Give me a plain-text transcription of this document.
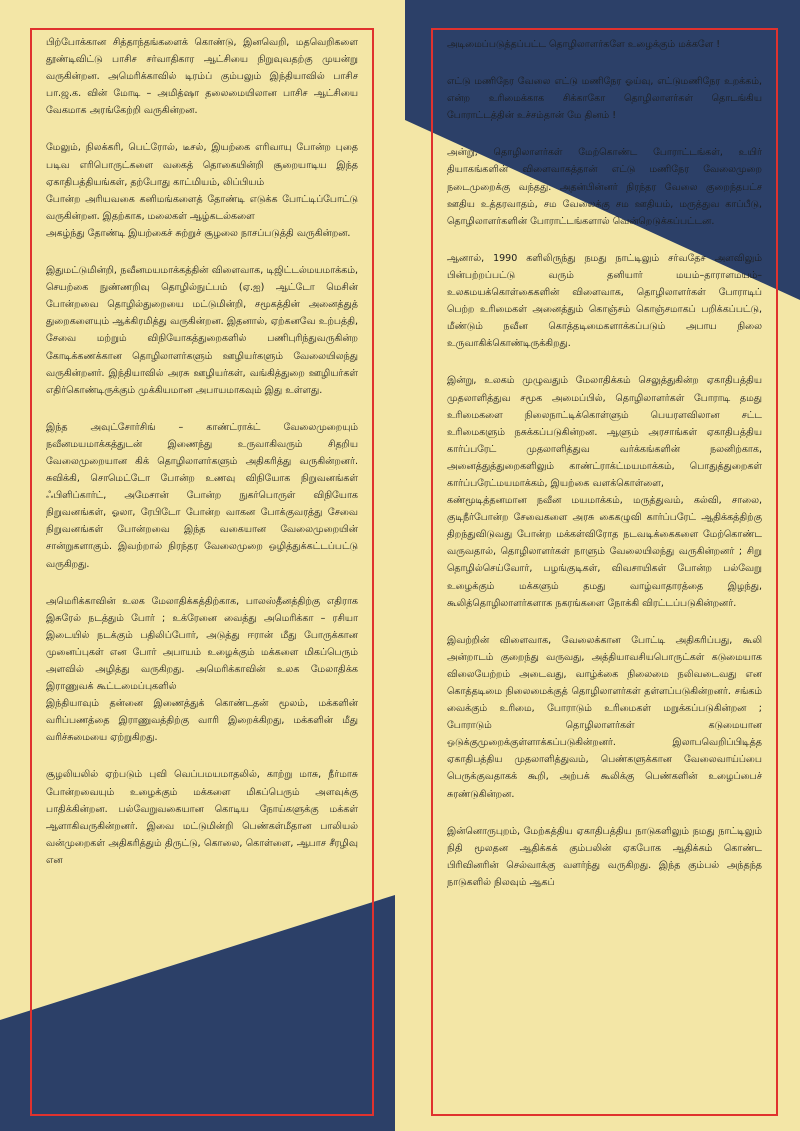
பிற்போக்கான சித்தாந்தங்களைக் கொண்டு, இனவெறி, மதவெறிகளை தூண்டிவிட்டு பாசிச சர்வாதிகார ஆட்சியை நிறுவுவதற்கு முயன்று வருகின்றன. அமெரிக்காவில் டிரம்ப் கும்பலும் இந்தியாவில் பாசிச பா.ஜ.க. வின் மோடி – அமித்ஷா தலைமையிலான பாசிச ஆட்சியை வேகமாக அரங்கேற்றி வருகின்றன.

மேலும், நிலக்கரி, பெட்ரோல், டீசல், இயற்கை எரிவாயு போன்ற புதை படிவ எரிபொருட்களை வகைத் தொகையின்றி சூறையாடிய இந்த ஏகாதிபத்தியங்கள், தற்போது காட்மியம், லிப்பியம்
போன்ற அரியவகை கனிமங்களைத் தோண்டி எடுக்க போட்டிப்போட்டு வருகின்றன. இதற்காக, மலைகள் ஆழ்கடல்களை
அகழ்ந்து தோண்டி இயற்கைச் சுற்றுச் சூழலை நாசப்படுத்தி வருகின்றன.

இதுமட்டுமின்றி, நவீனமயமாக்கத்தின் விளைவாக, டிஜிட்டல்மயமாக்கம், செயற்கை நுண்ணறிவு தொழில்நுட்பம் (ஏ.ஐ) ஆட்டோ மெசின் போன்றவை தொழில்துறையை மட்டுமின்றி, சமூகத்தின் அனைத்துத் துறைகளையும் ஆக்கிரமித்து வருகின்றன. இதனால், ஏற்கனவே உற்பத்தி, சேவை மற்றும் விநியோகத்துறைகளில் பணிபுரிந்துவருகின்ற கோடிக்கணக்கான தொழிலாளர்களும் ஊழியர்களும் வேலையிலந்து வருகின்றனர். இந்தியாவில் அரசு ஊழியர்கள், வங்கித்துறை ஊழியர்கள் எதிர்கொண்டிருக்கும் முக்கியமான அபாயமாகவும் இது உள்ளது.

இந்த அவுட்சோர்சிங் – காண்ட்ராக்ட் வேலைமுறையும் நவீனமயமாக்கத்துடன் இணைந்து உருவாகிவரும் சிதறிய வேலைமுறையான கிக் தொழிலாளர்களும் அதிகரித்து வருகின்றனர். சுவிக்கி, சொமெட்டோ போன்ற உணவு விநியோக நிறுவனங்கள் ஃபிளிப்கார்ட், அமேசான் போன்ற நுகர்பொருள் விநியோக நிறுவனங்கள், ஓலா, ரேபிடோ போன்ற வாகன போக்குவரத்து சேவை நிறுவனங்கள் போன்றவை இந்த வகையான வேலைமுறையின் சான்றுகளாகும். இவற்றால் நிரந்தர வேலைமுறை ஒழித்துக்கட்டப்பட்டு வருகிறது.

அமெரிக்காவின் உலக மேலாதிக்கத்திற்காக, பாலஸ்தீனத்திற்கு எதிராக இசுரேல் நடத்தும் போர் ; உக்ரேனை வைத்து அமெரிக்கா – ரசியா இடையில் நடக்கும் பதிலிப்போர், அடுத்து ஈரான் மீது போருக்கான முனைப்புகள் என போர் அபாயம் உழைக்கும் மக்களை மிகப்பெரும் அளவில் அழித்து வருகிறது. அமெரிக்காவின் உலக மேலாதிக்க இராணுவக் கூட்டமைப்புகளில்
இந்தியாவும் தன்னை இணைத்துக் கொண்டதன் மூலம், மக்களின் வரிப்பணத்தை இராணுவத்திற்கு வாரி இறைக்கிறது, மக்களின் மீது வரிச்சுமையை ஏற்றுகிறது.

சூழலியலில் ஏற்படும் புவி வெப்பமயமாதலில், காற்று மாசு, நீர்மாசு போன்றவையும் உழைக்கும் மக்களை மிகப்பெரும் அளவுக்கு பாதிக்கின்றன. பல்வேறுவகையான கொடிய நோய்களுக்கு மக்கள் ஆளாகிவருகின்றனர். இவை மட்டுமின்றி பெண்கள்மீதான பாலியல் வன்முறைகள் அதிகரித்தும் திருட்டு, கொலை, கொள்ளை, ஆபாச சீரழிவு என

அடிமைப்படுத்தப்பட்ட தொழிலாளர்களே உழைக்கும் மக்களே !

எட்டு மணிநேர வேலை எட்டு மணிநேர ஓய்வு, எட்டுமணிநேர உறக்கம், என்ற உரிமைக்காக சிக்காகோ தொழிலாளர்கள் தொடங்கிய போராட்டத்தின் உச்சம்தான் மே தினம் !

அன்று, தொழிலாளர்கள் மேற்கொண்ட போராட்டங்கள், உயிர் தியாகங்களின் விளைவாகத்தான் எட்டு மணிநேர வேலைமுறை நடைமுறைக்கு வந்தது. அதன்பின்னர் நிரந்தர வேலை குறைந்தபட்ச ஊதிய உத்தரவாதம், சம வேலைக்கு சம ஊதியம், மருத்துவ காப்பீடு, தொழிலாளர்களின் போராட்டங்களால் வென்றெடுக்கப்பட்டன.

ஆனால், 1990 களிலிருந்து நமது நாட்டிலும் சர்வதேச அளவிலும் பின்பற்றப்பட்டு வரும் தனியார் மயம்–தாராளமயம்–உலகமயக்கொள்கைகளின் விளைவாக, தொழிலாளர்கள் போராடிப் பெற்ற உரிமைகள் அனைத்தும் கொஞ்சம் கொஞ்சமாகப் பறிக்கப்பட்டு, மீண்டும் நவீன கொத்தடிமைகளாக்கப்படும் அபாய நிலை உருவாகிக்கொண்டிருக்கிறது.

இன்று, உலகம் முழுவதும் மேலாதிக்கம் செலுத்துகின்ற ஏகாதிபத்திய முதலாளித்துவ சமூக அமைப்பில், தொழிலாளர்கள் போராடி தமது உரிமைகளை நிலைநாட்டிக்கொள்ளும் பெயரளவிலான சட்ட உரிமைகளும் நசுக்கப்படுகின்றன. ஆளும் அரசாங்கள் ஏகாதிபத்திய கார்ப்பரேட் முதலாளித்துவ வர்க்கங்களின் நலனிற்காக, அனைத்துத்துறைகளிலும் காண்ட்ராக்ட்மயமாக்கம், பொதுத்துறைகள் கார்ப்பரேட்மயமாக்கம், இயற்கை வளக்கொள்ளை,
கண்மூடித்தனமான நவீன மயமாக்கம், மருத்துவம், கல்வி, சாலை, குடிநீர்போன்ற சேவைகளை அரசு கைகழுவி கார்ப்பரேட் ஆதிக்கத்திற்கு திறந்துவிடுவது போன்ற மக்கள்விரோத நடவடிக்கைகளை மேற்கொண்ட வருவதால், தொழிலாளர்கள் நாளும் வேலையிலந்து வருகின்றனர் ; சிறு தொழில்செய்வோர், பழங்குடிகள், விவசாயிகள் போன்ற பல்வேறு உழைக்கும் மக்களும் தமது வாழ்வாதாரத்தை இழந்து, கூலித்தொழிலாளர்களாக நகரங்களை நோக்கி விரட்டப்படுகின்றனர்.

இவற்றின் விளைவாக, வேலைக்கான போட்டி அதிகரிப்பது, கூலி அன்றாடம் குறைந்து வருவது, அத்தியாவசியபொருட்கள் கடுமையாக விலையேற்றம் அடைவது, வாழ்க்கை நிலைமை நலிவடைவது என கொத்தடிமை நிலைமைக்குத் தொழிலாளர்கள் தள்ளப்படுகின்றனர். சங்கம் வைக்கும் உரிமை, போராடும் உரிமைகள் மறுக்கப்படுகின்றன ; போராடும் தொழிலாளர்கள் கடுமையான ஒடுக்குமுறைக்குள்ளாக்கப்படுகின்றனர். இலாபவெறிப்பிடித்த ஏகாதிபத்திய முதலாளித்துவம், பெண்களுக்கான வேலைவாய்ப்பை பெருக்குவதாகக் கூறி, அற்பக் கூலிக்கு பெண்களின் உழைப்பைச் சுரண்டுகின்றன.

இன்னொருபுறம், மேற்கத்திய ஏகாதிபத்திய நாடுகளிலும் நமது நாட்டிலும் நிதி மூலதன ஆதிக்கக் கும்பலின் ஏகபோக ஆதிக்கம் கொண்ட பிரிவினரின் செல்வாக்கு வளர்ந்து வருகிறது. இந்த கும்பல் அந்தந்த நாடுகளில் நிலவும் ஆகப்
